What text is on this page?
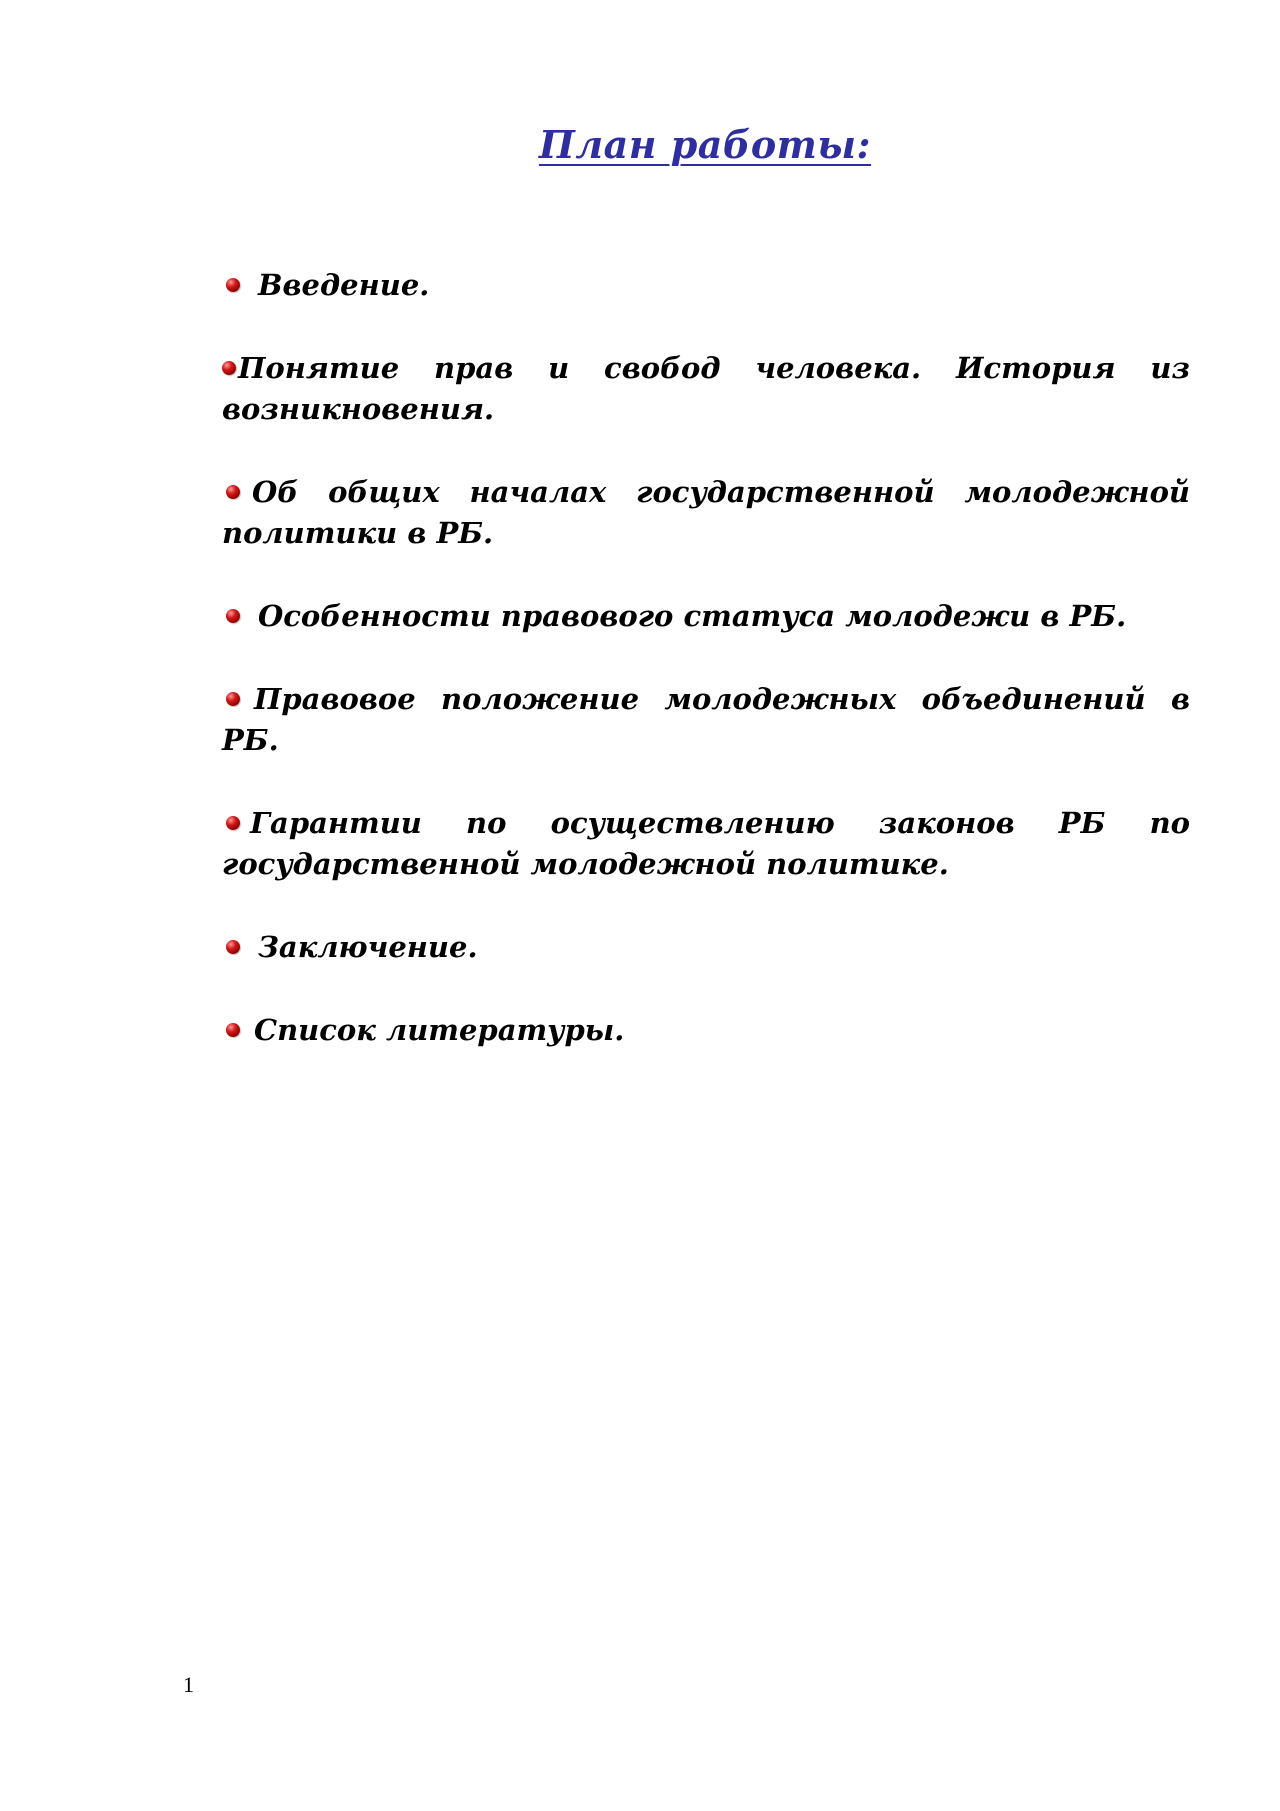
План работы:
Введение.
Понятие прав и свобод человека. История из возникновения.
Об общих началах государственной молодежной политики в РБ.
Особенности правового статуса молодежи в РБ.
Правовое положение молодежных объединений в РБ.
Гарантии по осуществлению законов РБ по государственной молодежной политике.
Заключение.
Список литературы.
1
